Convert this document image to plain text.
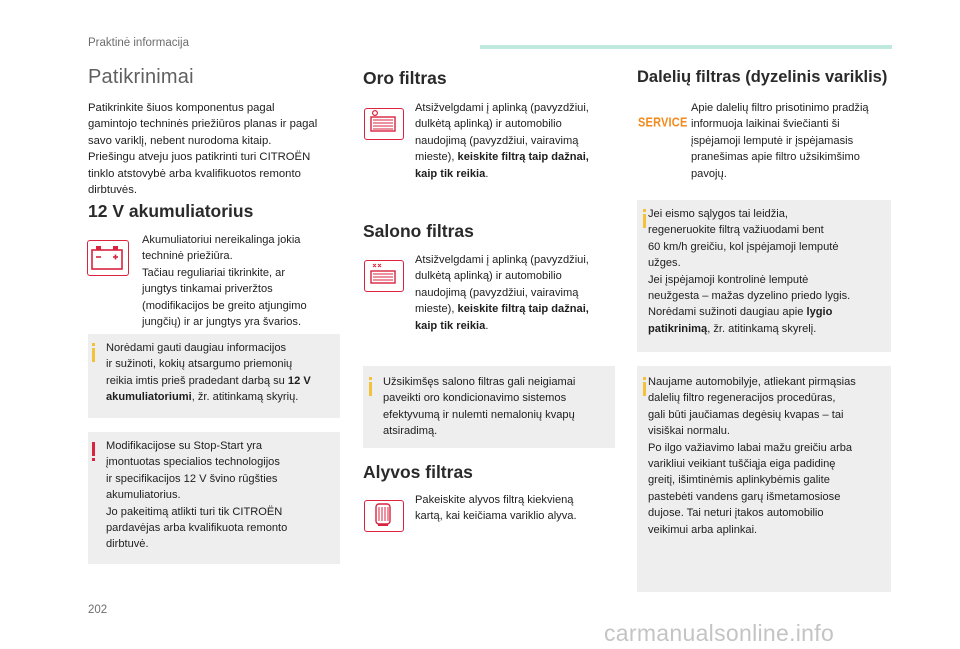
Praktinė informacija
Patikrinimai
Patikrinkite šiuos komponentus pagal
gamintojo techninės priežiūros planas ir pagal
savo variklį, nebent nurodoma kitaip.
Priešingu atveju juos patikrinti turi CITROËN
tinklo atstovybė arba kvalifikuotos remonto
dirbtuvės.
12 V akumuliatorius
Akumuliatoriui nereikalinga jokia
techninė priežiūra.
Tačiau reguliariai tikrinkite, ar
jungtys tinkamai priveržtos
(modifikacijos be greito atjungimo
jungčių) ir ar jungtys yra švarios.
Norėdami gauti daugiau informacijos
ir sužinoti, kokių atsargumo priemonių
reikia imtis prieš pradedant darbą su 12 V
akumuliatoriumi, žr. atitinkamą skyrių.
Modifikacijose su Stop-Start yra
įmontuotas specialios technologijos
ir specifikacijos 12 V švino rūgšties
akumuliatorius.
Jo pakeitimą atlikti turi tik CITROËN
pardavėjas arba kvalifikuota remonto
dirbtuvė.
Oro filtras
Atsižvelgdami į aplinką (pavyzdžiui,
dulkėtą aplinką) ir automobilio
naudojimą (pavyzdžiui, vairavimą
mieste), keiskite filtrą taip dažnai,
kaip tik reikia.
Salono filtras
Atsižvelgdami į aplinką (pavyzdžiui,
dulkėtą aplinką) ir automobilio
naudojimą (pavyzdžiui, vairavimą
mieste), keiskite filtrą taip dažnai,
kaip tik reikia.
Užsikimšęs salono filtras gali neigiamai
paveikti oro kondicionavimo sistemos
efektyvumą ir nulemti nemalonių kvapų
atsiradimą.
Alyvos filtras
Pakeiskite alyvos filtrą kiekvieną
kartą, kai keičiama variklio alyva.
Dalelių filtras (dyzelinis variklis)
SERVICE
Apie dalelių filtro prisotinimo pradžią
informuoja laikinai šviečianti ši
įspėjamoji lemputė ir įspėjamasis
pranešimas apie filtro užsikimšimo
pavojų.
Jei eismo sąlygos tai leidžia,
regeneruokite filtrą važiuodami bent
60 km/h greičiu, kol įspėjamoji lemputė
užges.
Jei įspėjamoji kontrolinė lemputė
neužgesta – mažas dyzelino priedo lygis.
Norėdami sužinoti daugiau apie lygio
patikrinimą, žr. atitinkamą skyrelį.
Naujame automobilyje, atliekant pirmąsias
dalelių filtro regeneracijos procedūras,
gali būti jaučiamas degėsių kvapas – tai
visiškai normalu.
Po ilgo važiavimo labai mažu greičiu arba
varikliui veikiant tuščiąja eiga padidinę
greitį, išimtinėmis aplinkybėmis galite
pastebėti vandens garų išmetamosiose
dujose. Tai neturi įtakos automobilio
veikimui arba aplinkai.
202
carmanualsonline.info
